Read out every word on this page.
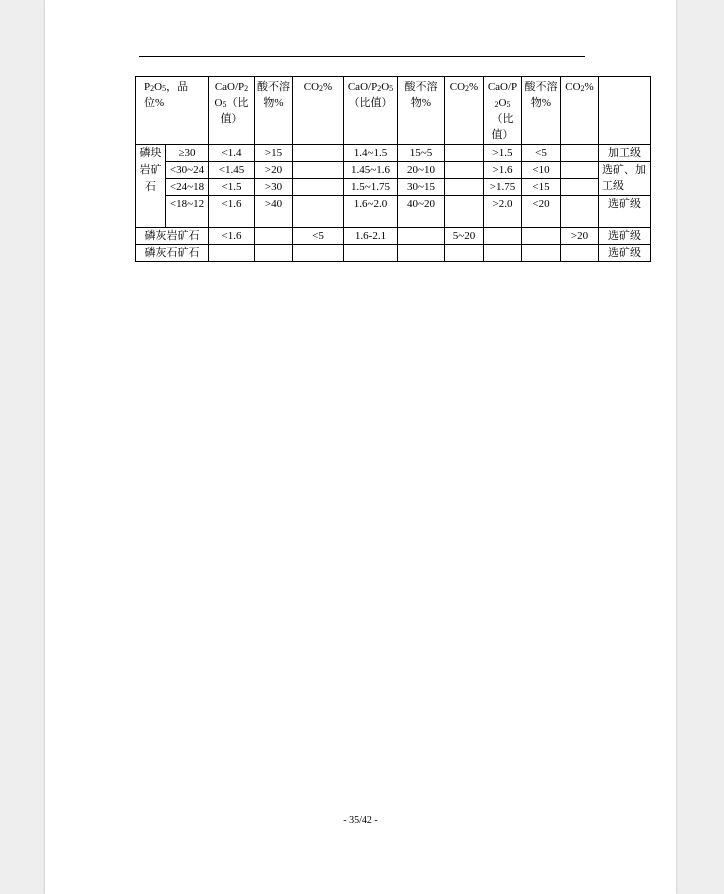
$P_2O_5$，品位%		CaO/$P_2O_5$（比值）	酸不溶物%	$CO_2\%$	CaO/$P_2O_5$（比值）	酸不溶物%	$CO_2\%$	CaO/$P_2O_5$（比值）	酸不溶物%	$CO_2\%$	
磷块岩矿石	≥30	<1.4	>15		1.4~1.5	15~5		>1.5	<5		加工级
	<30~24	<1.45	>20		1.45~1.6	20~10		>1.6	<10		选矿、加工级
	<24~18	<1.5	>30		1.5~1.75	30~15		>1.75	<15		
	<18~12	<1.6	>40		1.6~2.0	40~20		>2.0	<20		选矿级
磷灰岩矿石		<1.6		<5	1.6-2.1		5~20			>20	选矿级
磷灰石矿石											选矿级
- 35/42 -
